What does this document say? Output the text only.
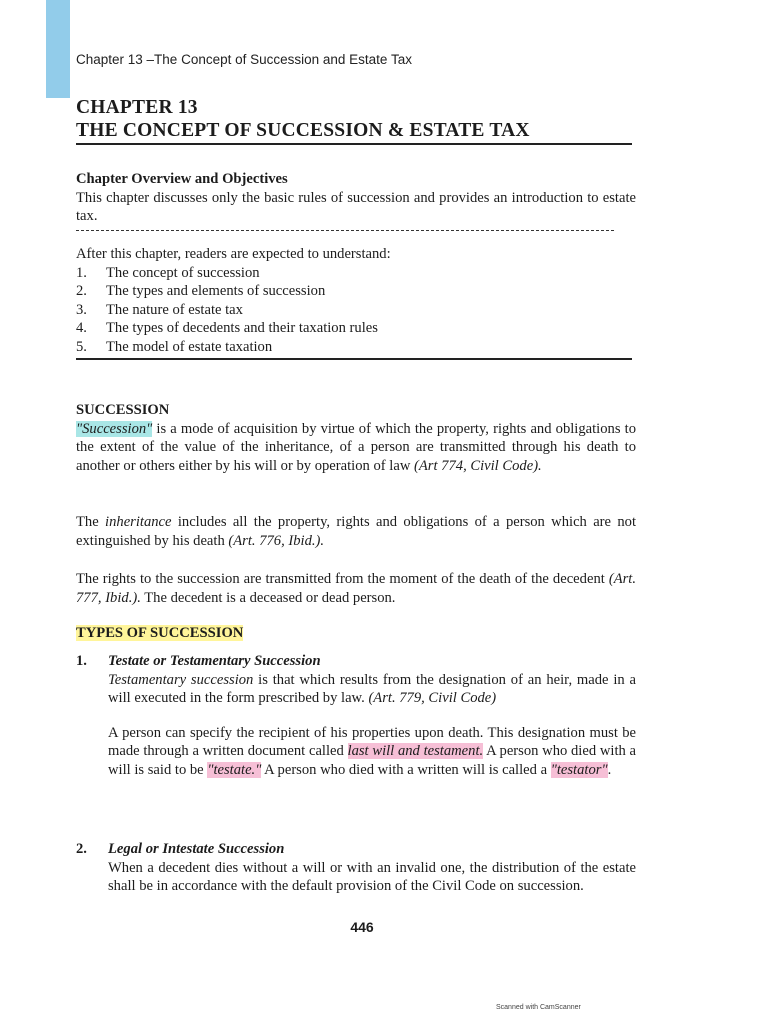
Chapter 13 –The Concept of Succession and Estate Tax
CHAPTER 13
THE CONCEPT OF SUCCESSION & ESTATE TAX
Chapter Overview and Objectives

This chapter discusses only the basic rules of succession and provides an introduction to estate tax.

After this chapter, readers are expected to understand:

1.	The concept of succession
2.	The types and elements of succession
3.	The nature of estate tax
4.	The types of decedents and their taxation rules
5.	The model of estate taxation
SUCCESSION

"Succession" is a mode of acquisition by virtue of which the property, rights and obligations to the extent of the value of the inheritance, of a person are transmitted through his death to another or others either by his will or by operation of law (Art 774, Civil Code).

The inheritance includes all the property, rights and obligations of a person which are not extinguished by his death (Art. 776, Ibid.).

The rights to the succession are transmitted from the moment of the death of the decedent (Art. 777, Ibid.). The decedent is a deceased or dead person.

TYPES OF SUCCESSION
1.	Testate or Testamentary Succession

Testamentary succession is that which results from the designation of an heir, made in a will executed in the form prescribed by law. (Art. 779, Civil Code)

A person can specify the recipient of his properties upon death. This designation must be made through a written document called last will and testament. A person who died with a will is said to be "testate." A person who died with a written will is called a "testator".

2.	Legal or Intestate Succession

When a decedent dies without a will or with an invalid one, the distribution of the estate shall be in accordance with the default provision of the Civil Code on succession.

446
Scanned with CamScanner
